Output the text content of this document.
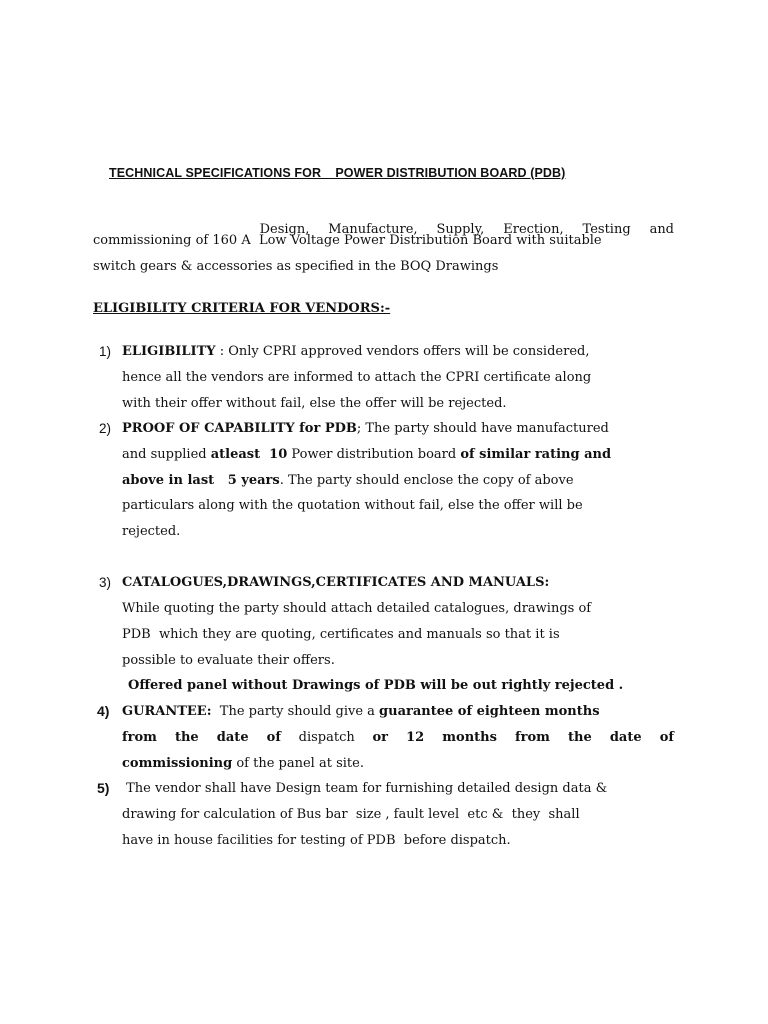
TECHNICAL SPECIFICATIONS FOR    POWER DISTRIBUTION BOARD (PDB)

Design, Manufacture, Supply, Erection, Testing and

commissioning of 160 A  Low Voltage Power Distribution Board with suitable
switch gears & accessories as specified in the BOQ Drawings
ELIGIBILITY CRITERIA FOR VENDORS:-
1) ELIGIBILITY : Only CPRI approved vendors offers will be considered,
hence all the vendors are informed to attach the CPRI certificate along
with their offer without fail, else the offer will be rejected.
2) PROOF OF CAPABILITY for PDB; The party should have manufactured
and supplied atleast  10 Power distribution board of similar rating and
above in last   5 years. The party should enclose the copy of above
particulars along with the quotation without fail, else the offer will be
rejected.
3) CATALOGUES,DRAWINGS,CERTIFICATES AND MANUALS:
While quoting the party should attach detailed catalogues, drawings of
PDB  which they are quoting, certificates and manuals so that it is
possible to evaluate their offers.
Offered panel without Drawings of PDB will be out rightly rejected .
4) GURANTEE:  The party should give a guarantee of eighteen months
from the date of dispatch or 12 months from the date of
commissioning of the panel at site.
5) The vendor shall have Design team for furnishing detailed design data &
drawing for calculation of Bus bar  size , fault level  etc &  they  shall
have in house facilities for testing of PDB  before dispatch.
